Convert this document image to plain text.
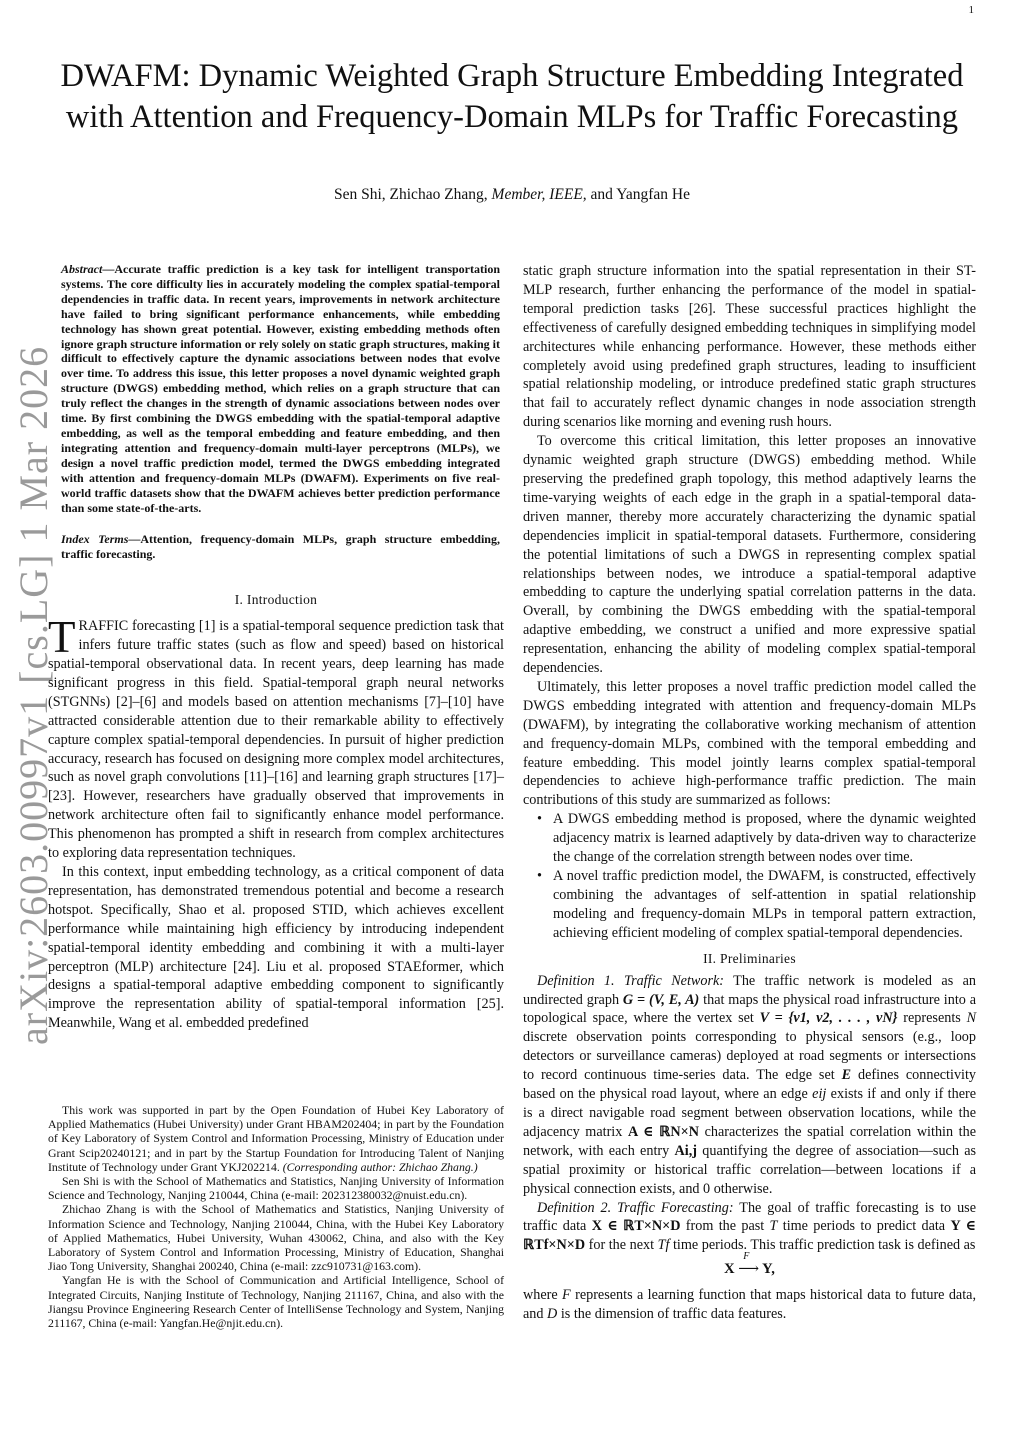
1
DWAFM: Dynamic Weighted Graph Structure Embedding Integrated with Attention and Frequency-Domain MLPs for Traffic Forecasting
Sen Shi, Zhichao Zhang, Member, IEEE, and Yangfan He
arXiv:2603.00997v1 [cs.LG] 1 Mar 2026

Abstract—Accurate traffic prediction is a key task for intelligent transportation systems. The core difficulty lies in accurately modeling the complex spatial-temporal dependencies in traffic data. In recent years, improvements in network architecture have failed to bring significant performance enhancements, while embedding technology has shown great potential. However, existing embedding methods often ignore graph structure information or rely solely on static graph structures, making it difficult to effectively capture the dynamic associations between nodes that evolve over time. To address this issue, this letter proposes a novel dynamic weighted graph structure (DWGS) embedding method, which relies on a graph structure that can truly reflect the changes in the strength of dynamic associations between nodes over time. By first combining the DWGS embedding with the spatial-temporal adaptive embedding, as well as the temporal embedding and feature embedding, and then integrating attention and frequency-domain multi-layer perceptrons (MLPs), we design a novel traffic prediction model, termed the DWGS embedding integrated with attention and frequency-domain MLPs (DWAFM). Experiments on five real-world traffic datasets show that the DWAFM achieves better prediction performance than some state-of-the-arts.

Index Terms—Attention, frequency-domain MLPs, graph structure embedding, traffic forecasting.

I. Introduction

TRAFFIC forecasting [1] is a spatial-temporal sequence prediction task that infers future traffic states (such as flow and speed) based on historical spatial-temporal observational data. In recent years, deep learning has made significant progress in this field. Spatial-temporal graph neural networks (STGNNs) [2]–[6] and models based on attention mechanisms [7]–[10] have attracted considerable attention due to their remarkable ability to effectively capture complex spatial-temporal dependencies. In pursuit of higher prediction accuracy, research has focused on designing more complex model architectures, such as novel graph convolutions [11]–[16] and learning graph structures [17]–[23]. However, researchers have gradually observed that improvements in network architecture often fail to significantly enhance model performance. This phenomenon has prompted a shift in research from complex architectures to exploring data representation techniques.

In this context, input embedding technology, as a critical component of data representation, has demonstrated tremendous potential and become a research hotspot. Specifically, Shao et al. proposed STID, which achieves excellent performance while maintaining high efficiency by introducing independent spatial-temporal identity embedding and combining it with a multi-layer perceptron (MLP) architecture [24]. Liu et al. proposed STAEformer, which designs a spatial-temporal adaptive embedding component to significantly improve the representation ability of spatial-temporal information [25]. Meanwhile, Wang et al. embedded predefined

This work was supported in part by the Open Foundation of Hubei Key Laboratory of Applied Mathematics (Hubei University) under Grant HBAM202404; in part by the Foundation of Key Laboratory of System Control and Information Processing, Ministry of Education under Grant Scip20240121; and in part by the Startup Foundation for Introducing Talent of Nanjing Institute of Technology under Grant YKJ202214. (Corresponding author: Zhichao Zhang.)

Sen Shi is with the School of Mathematics and Statistics, Nanjing University of Information Science and Technology, Nanjing 210044, China (e-mail: 202312380032@nuist.edu.cn).

Zhichao Zhang is with the School of Mathematics and Statistics, Nanjing University of Information Science and Technology, Nanjing 210044, China, with the Hubei Key Laboratory of Applied Mathematics, Hubei University, Wuhan 430062, China, and also with the Key Laboratory of System Control and Information Processing, Ministry of Education, Shanghai Jiao Tong University, Shanghai 200240, China (e-mail: zzc910731@163.com).

Yangfan He is with the School of Communication and Artificial Intelligence, School of Integrated Circuits, Nanjing Institute of Technology, Nanjing 211167, China, and also with the Jiangsu Province Engineering Research Center of IntelliSense Technology and System, Nanjing 211167, China (e-mail: Yangfan.He@njit.edu.cn).

static graph structure information into the spatial representation in their ST-MLP research, further enhancing the performance of the model in spatial-temporal prediction tasks [26]. These successful practices highlight the effectiveness of carefully designed embedding techniques in simplifying model architectures while enhancing performance. However, these methods either completely avoid using predefined graph structures, leading to insufficient spatial relationship modeling, or introduce predefined static graph structures that fail to accurately reflect dynamic changes in node association strength during scenarios like morning and evening rush hours.

To overcome this critical limitation, this letter proposes an innovative dynamic weighted graph structure (DWGS) embedding method. While preserving the predefined graph topology, this method adaptively learns the time-varying weights of each edge in the graph in a spatial-temporal data-driven manner, thereby more accurately characterizing the dynamic spatial dependencies implicit in spatial-temporal datasets. Furthermore, considering the potential limitations of such a DWGS in representing complex spatial relationships between nodes, we introduce a spatial-temporal adaptive embedding to capture the underlying spatial correlation patterns in the data. Overall, by combining the DWGS embedding with the spatial-temporal adaptive embedding, we construct a unified and more expressive spatial representation, enhancing the ability of modeling complex spatial-temporal dependencies.

Ultimately, this letter proposes a novel traffic prediction model called the DWGS embedding integrated with attention and frequency-domain MLPs (DWAFM), by integrating the collaborative working mechanism of attention and frequency-domain MLPs, combined with the temporal embedding and feature embedding. This model jointly learns complex spatial-temporal dependencies to achieve high-performance traffic prediction. The main contributions of this study are summarized as follows:

• A DWGS embedding method is proposed, where the dynamic weighted adjacency matrix is learned adaptively by data-driven way to characterize the change of the correlation strength between nodes over time.
• A novel traffic prediction model, the DWAFM, is constructed, effectively combining the advantages of self-attention in spatial relationship modeling and frequency-domain MLPs in temporal pattern extraction, achieving efficient modeling of complex spatial-temporal dependencies.
II. Preliminaries

Definition 1. Traffic Network: The traffic network is modeled as an undirected graph G = (V, E, A) that maps the physical road infrastructure into a topological space, where the vertex set V = {v1, v2, . . . , vN} represents N discrete observation points corresponding to physical sensors (e.g., loop detectors or surveillance cameras) deployed at road segments or intersections to record continuous time-series data. The edge set E defines connectivity based on the physical road layout, where an edge eij exists if and only if there is a direct navigable road segment between observation locations, while the adjacency matrix A ∈ ℝN×N characterizes the spatial correlation within the network, with each entry Ai,j quantifying the degree of association—such as spatial proximity or historical traffic correlation—between locations if a physical connection exists, and 0 otherwise.

Definition 2. Traffic Forecasting: The goal of traffic forecasting is to use traffic data X ∈ ℝT×N×D from the past T time periods to predict data Y ∈ ℝTf×N×D for the next Tf time periods. This traffic prediction task is defined as

X
F
⟶ Y,

where F represents a learning function that maps historical data to future data, and D is the dimension of traffic data features.
